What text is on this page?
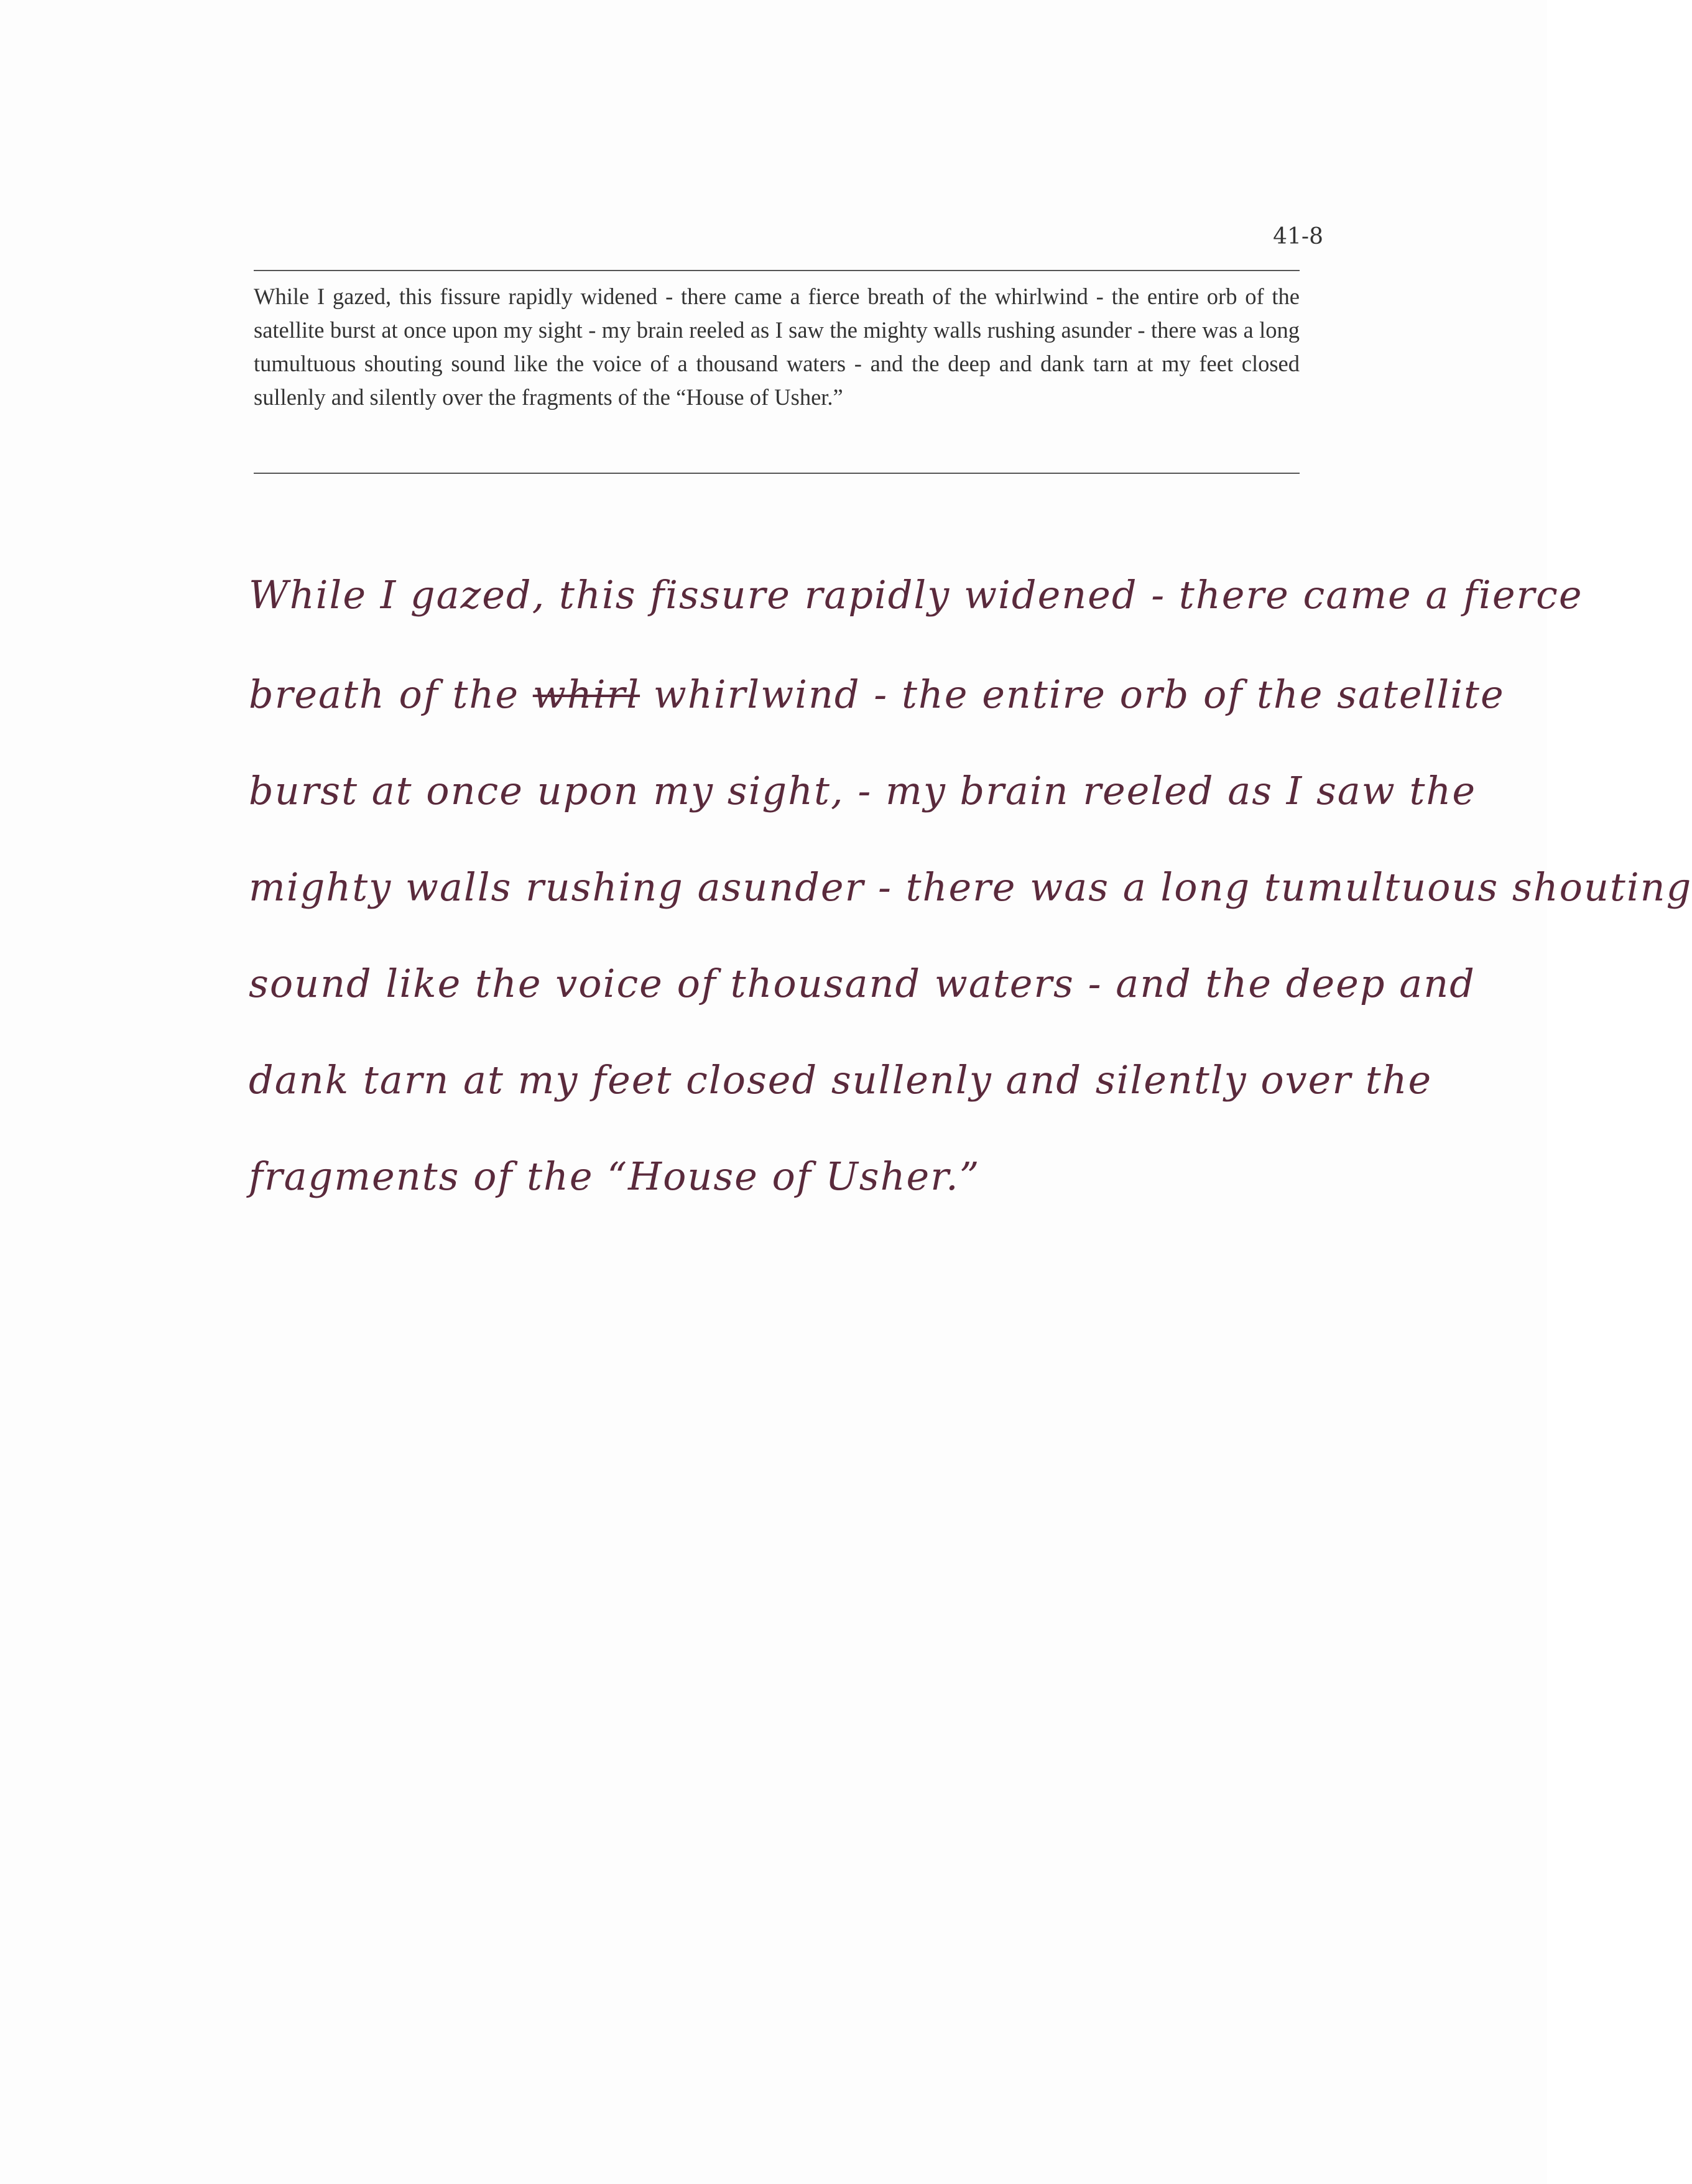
41-8
While I gazed, this fissure rapidly widened - there came a fierce breath of the whirlwind - the entire orb of the satellite burst at once upon my sight - my brain reeled as I saw the mighty walls rushing asunder - there was a long tumultuous shouting sound like the voice of a thousand waters - and the deep and dank tarn at my feet closed sullenly and silently over the fragments of the “House of Usher.”
While I gazed, this fissure rapidly widened - there came a fierce
breath of the whirl whirlwind - the entire orb of the satellite
burst at once upon my sight, - my brain reeled as I saw the
mighty walls rushing asunder - there was a long tumultuous shouting
sound like the voice of thousand waters - and the deep and
dank tarn at my feet closed sullenly and silently over the
fragments of the “House of Usher.”
